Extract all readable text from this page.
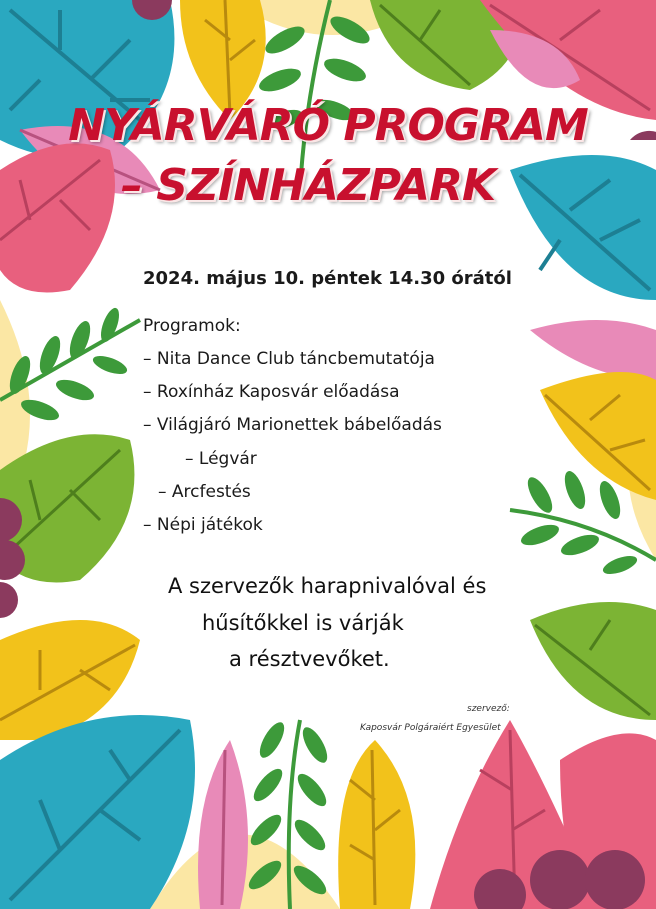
NYÁRVÁRÓ PROGRAM
– SZÍNHÁZPARK
2024. május 10. péntek 14.30 órától
Programok:
– Nita Dance Club táncbemutatója
– Roxínház Kaposvár előadása
– Világjáró Marionettek bábelőadás
– Légvár
– Arcfestés
– Népi játékok
A szervezők harapnivalóval és
hűsítőkkel is várják
a résztvevőket.
szervező:
Kaposvár Polgáraiért Egyesület
